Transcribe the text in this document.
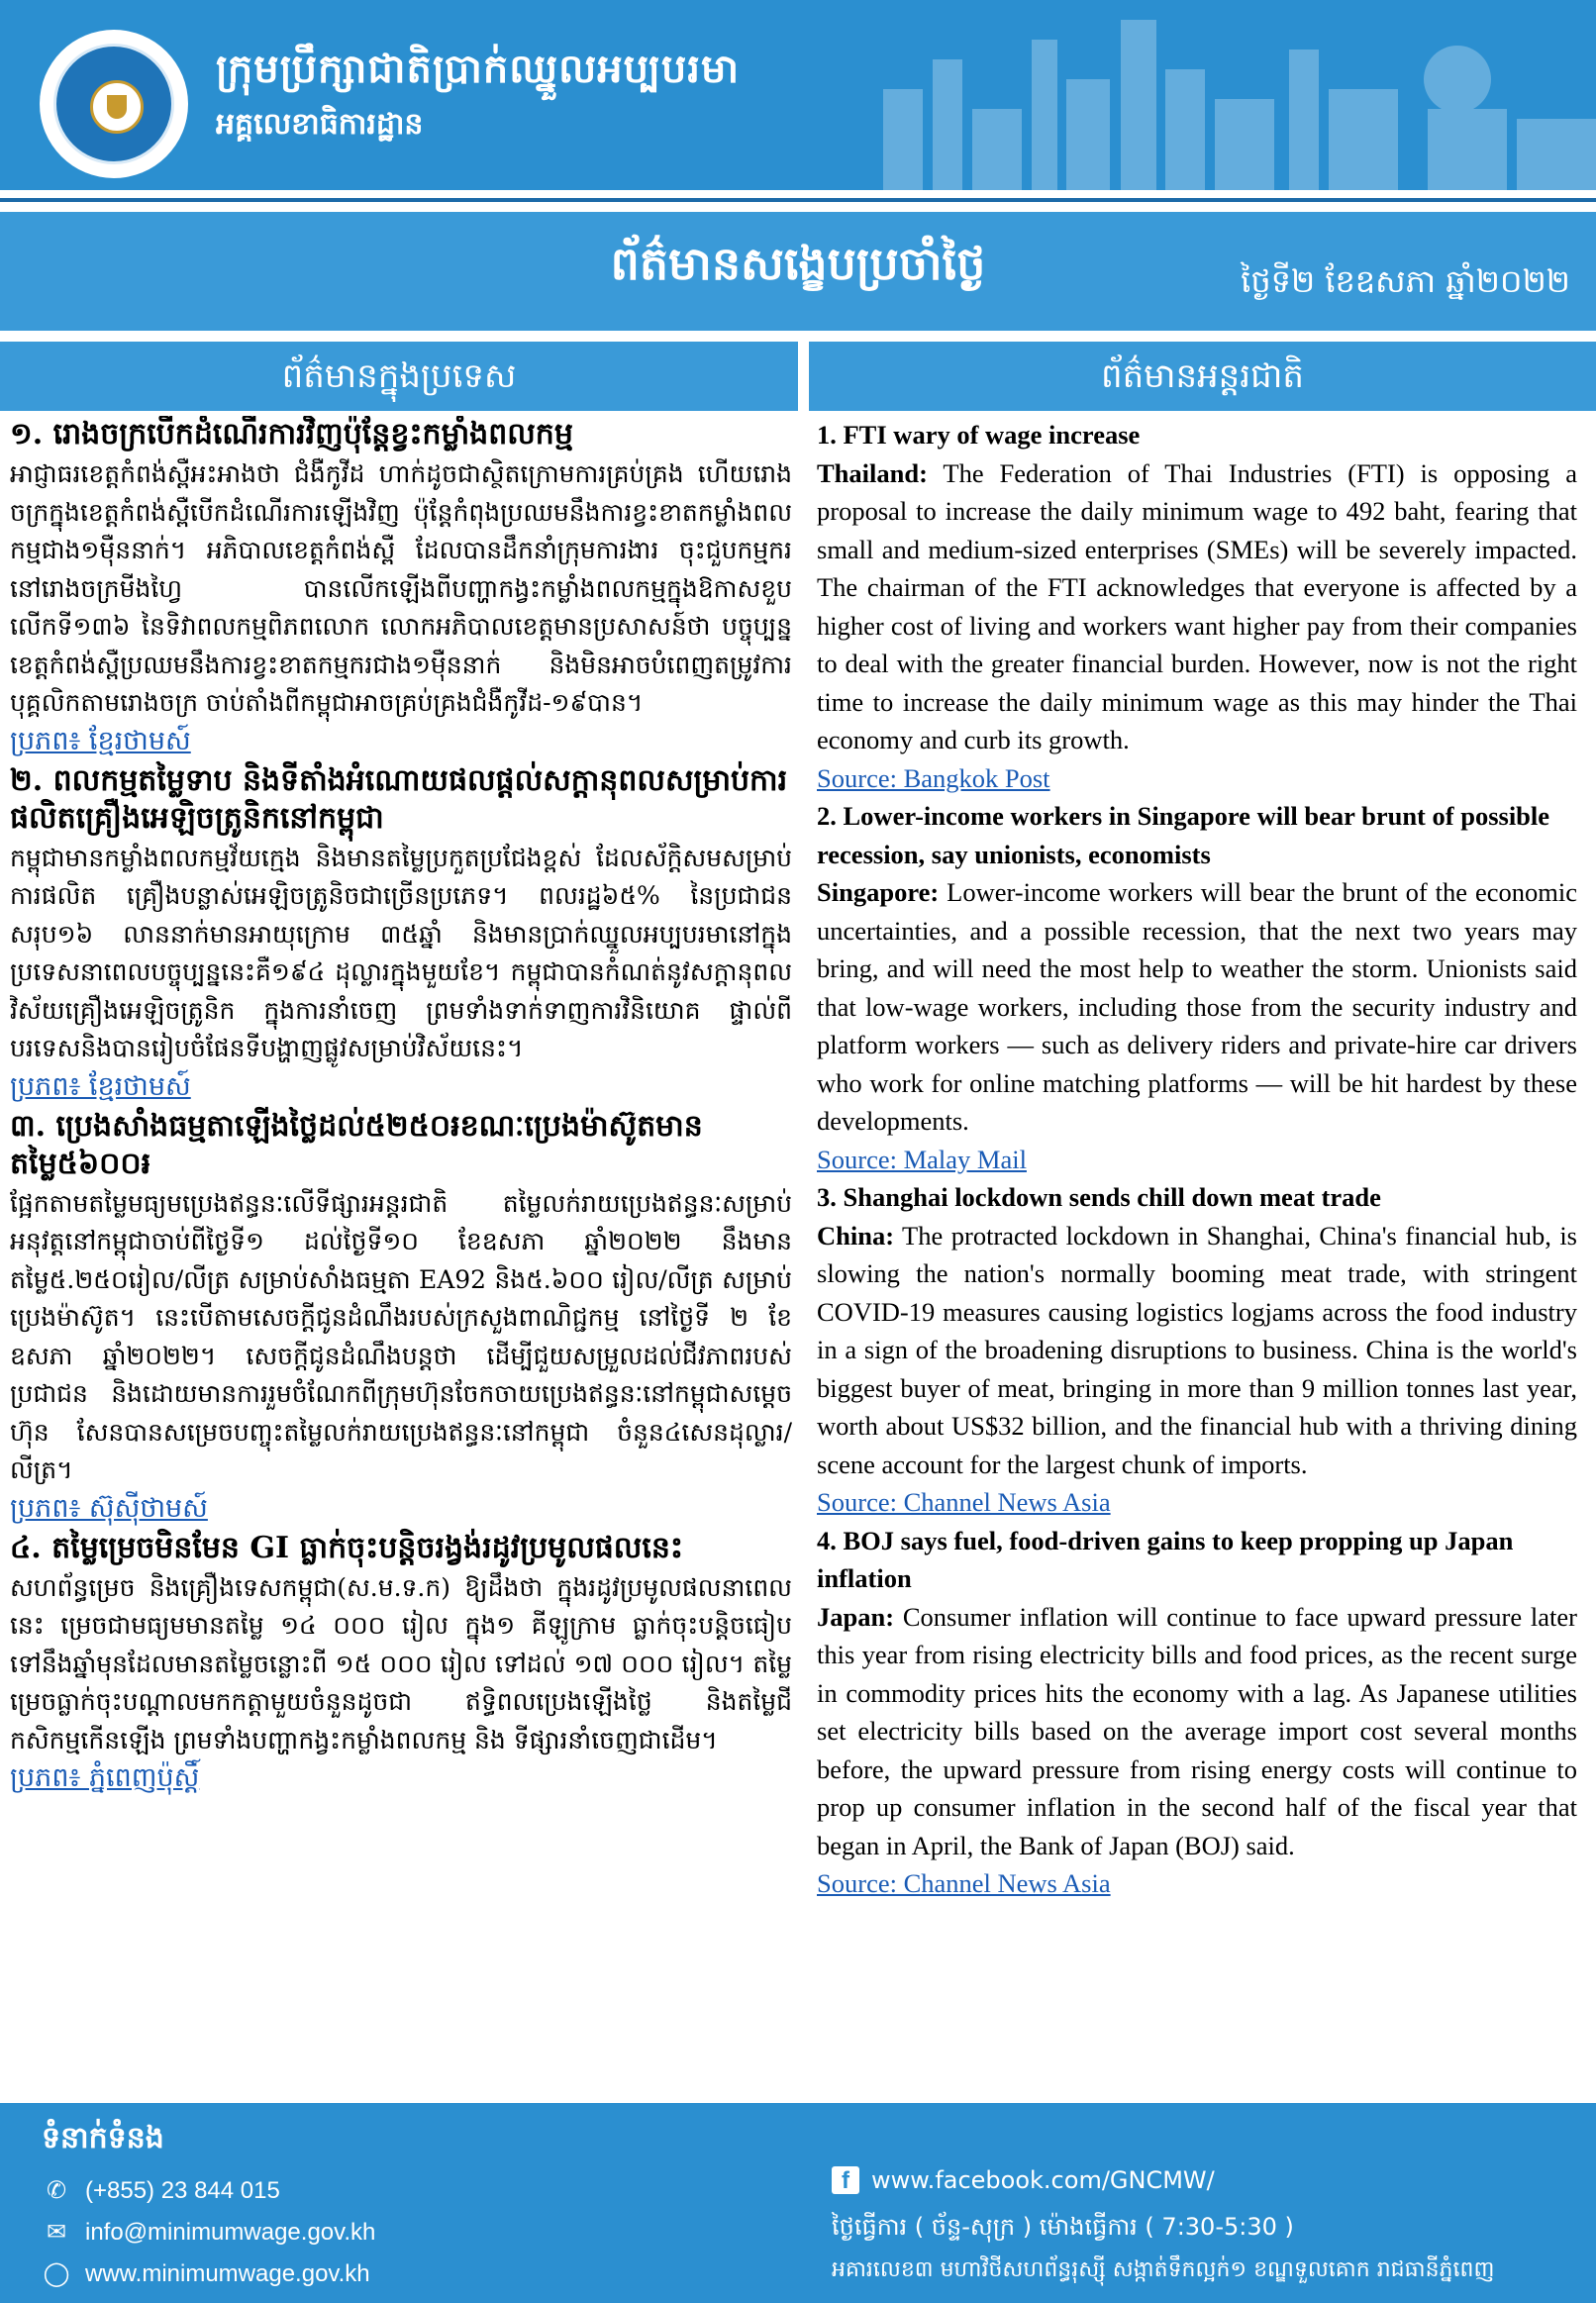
ក្រុមប្រឹក្សាជាតិប្រាក់ឈ្នួលអប្បបរមា
អគ្គលេខាធិការដ្ឋាន
ព័ត៌មានសង្ខេបប្រចាំថ្ងៃ	ថ្ងៃទី២ ខែឧសភា ឆ្នាំ២០២២
ព័ត៌មានក្នុងប្រទេស	ព័ត៌មានអន្តរជាតិ
១. រោងចក្របើកដំណើរការវិញប៉ុន្តែខ្វះកម្លាំងពលកម្ម
អាជ្ញាធរខេត្តកំពង់ស្ពឺអះអាងថា ជំងឺកូវីដ ហាក់ដូចជាស្ថិតក្រោមការគ្រប់គ្រង ហើយរោងចក្រក្នុងខេត្តកំពង់ស្ពឺបើកដំណើរការឡើងវិញ ប៉ុន្តែកំពុងប្រឈមនឹងការខ្វះខាតកម្លាំងពលកម្មជាង១ម៉ឺននាក់។ អភិបាលខេត្តកំពង់ស្ពឺ ដែលបានដឹកនាំក្រុមការងារ ចុះជួបកម្មករនៅរោងចក្រមីងហ្វៃ បានលើកឡើងពីបញ្ហាកង្វះកម្លាំងពលកម្មក្នុងឱកាសខួបលើកទី១៣៦ នៃទិវាពលកម្មពិភពលោក លោកអភិបាលខេត្តមានប្រសាសន៍ថា បច្ចុប្បន្ន ខេត្តកំពង់ស្ពឺប្រឈមនឹងការខ្វះខាតកម្មករជាង១ម៉ឺននាក់ និងមិនអាចបំពេញតម្រូវការបុគ្គលិកតាមរោងចក្រ ចាប់តាំងពីកម្ពុជាអាចគ្រប់គ្រងជំងឺកូវីដ-១៩បាន។
ប្រភព៖ ខ្មែរថាមស៍
២. ពលកម្មតម្លៃទាប និងទីតាំងអំណោយផលផ្តល់សក្តានុពលសម្រាប់ការផលិតគ្រឿងអេឡិចត្រូនិកនៅកម្ពុជា
កម្ពុជាមានកម្លាំងពលកម្មវ័យក្មេង និងមានតម្លៃប្រកួតប្រជែងខ្ពស់ ដែលស័ក្តិសមសម្រាប់ការផលិត គ្រឿងបន្លាស់អេឡិចត្រូនិចជាច្រើនប្រភេទ។ ពលរដ្ឋ៦៥% នៃប្រជាជនសរុប១៦ លាននាក់មានអាយុក្រោម ៣៥ឆ្នាំ និងមានប្រាក់ឈ្នួលអប្បបរមានៅក្នុងប្រទេសនាពេលបច្ចុប្បន្ននេះគឺ១៩៤ ដុល្លារក្នុងមួយខែ។ កម្ពុជាបានកំណត់នូវសក្តានុពលវិស័យគ្រឿងអេឡិចត្រូនិក ក្នុងការនាំចេញ ព្រមទាំងទាក់ទាញការវិនិយោគ ផ្ទាល់ពីបរទេសនិងបានរៀបចំផែនទីបង្ហាញផ្លូវសម្រាប់វិស័យនេះ។
ប្រភព៖ ខ្មែរថាមស៍
៣. ប្រេងសាំងធម្មតាឡើងថ្លៃដល់៥២៥០៛ខណៈប្រេងម៉ាស៊ូតមានតម្លៃ៥៦០០៛
ផ្អែកតាមតម្លៃមធ្យមប្រេងឥន្ធនៈលើទីផ្សារអន្តរជាតិ តម្លៃលក់រាយប្រេងឥន្ធនៈសម្រាប់អនុវត្តនៅកម្ពុជាចាប់ពីថ្ងៃទី១ ដល់ថ្ងៃទី១០ ខែឧសភា ឆ្នាំ២០២២ នឹងមានតម្លៃ៥.២៥០រៀល/លីត្រ សម្រាប់សាំងធម្មតា EA92 និង៥.៦០០ រៀល/លីត្រ សម្រាប់ប្រេងម៉ាស៊ូត។ នេះបើតាមសេចក្តីជូនដំណឹងរបស់ក្រសួងពាណិជ្ជកម្ម នៅថ្ងៃទី ២ ខែឧសភា ឆ្នាំ២០២២។ សេចក្តីជូនដំណឹងបន្តថា ដើម្បីជួយសម្រួលដល់ជីវភាពរបស់ប្រជាជន និងដោយមានការរួមចំណែកពីក្រុមហ៊ុនចែកចាយប្រេងឥន្ធនៈនៅកម្ពុជាសម្តេចហ៊ុន សែនបានសម្រេចបញ្ចុះតម្លៃលក់រាយប្រេងឥន្ធនៈនៅកម្ពុជា ចំនួន៤សេនដុល្លារ/លីត្រ។
ប្រភព៖ ស៊ុស៊ីថាមស៍
៤. តម្លៃម្រេចមិនមែន GI ធ្លាក់ចុះបន្តិចរង្វង់រដូវប្រមូលផលនេះ
សហព័ន្ធម្រេច និងគ្រឿងទេសកម្ពុជា(ស.ម.ទ.ក) ឱ្យដឹងថា ក្នុងរដូវប្រមូលផលនាពេលនេះ ម្រេចជាមធ្យមមានតម្លៃ ១៤ ០០០ រៀល ក្នុង១ គីឡូក្រាម ធ្លាក់ចុះបន្តិចធៀបទៅនឹងឆ្នាំមុនដែលមានតម្លៃចន្លោះពី ១៥ ០០០ រៀល ទៅដល់ ១៧ ០០០ រៀល។ តម្លៃម្រេចធ្លាក់ចុះបណ្តាលមកកត្តាមួយចំនួនដូចជា ឥទ្ធិពលប្រេងឡើងថ្លៃ និងតម្លៃជីកសិកម្មកើនឡើង ព្រមទាំងបញ្ហាកង្វះកម្លាំងពលកម្ម និង ទីផ្សារនាំចេញជាដើម។
ប្រភព៖ ភ្នំពេញប៉ុស្តិ៍
1. FTI wary of wage increase
Thailand: The Federation of Thai Industries (FTI) is opposing a proposal to increase the daily minimum wage to 492 baht, fearing that small and medium-sized enterprises (SMEs) will be severely impacted. The chairman of the FTI acknowledges that everyone is affected by a higher cost of living and workers want higher pay from their companies to deal with the greater financial burden. However, now is not the right time to increase the daily minimum wage as this may hinder the Thai economy and curb its growth.
Source: Bangkok Post
2. Lower-income workers in Singapore will bear brunt of possible recession, say unionists, economists
Singapore: Lower-income workers will bear the brunt of the economic uncertainties, and a possible recession, that the next two years may bring, and will need the most help to weather the storm. Unionists said that low-wage workers, including those from the security industry and platform workers — such as delivery riders and private-hire car drivers who work for online matching platforms — will be hit hardest by these developments.
Source: Malay Mail
3. Shanghai lockdown sends chill down meat trade
China: The protracted lockdown in Shanghai, China's financial hub, is slowing the nation's normally booming meat trade, with stringent COVID-19 measures causing logistics logjams across the food industry in a sign of the broadening disruptions to business. China is the world's biggest buyer of meat, bringing in more than 9 million tonnes last year, worth about US$32 billion, and the financial hub with a thriving dining scene account for the largest chunk of imports.
Source: Channel News Asia
4. BOJ says fuel, food-driven gains to keep propping up Japan inflation
Japan: Consumer inflation will continue to face upward pressure later this year from rising electricity bills and food prices, as the recent surge in commodity prices hits the economy with a lag. As Japanese utilities set electricity bills based on the average import cost several months before, the upward pressure from rising energy costs will continue to prop up consumer inflation in the second half of the fiscal year that began in April, the Bank of Japan (BOJ) said.
Source: Channel News Asia
ទំនាក់ទំនង
✆ (+855) 23 844 015
✉ info@minimumwage.gov.kh
◯ www.minimumwage.gov.kh
f www.facebook.com/GNCMW/
ថ្ងៃធ្វើការ ( ច័ន្ទ-សុក្រ ) ម៉ោងធ្វើការ ( 7:30-5:30 )
អគារលេខ៣ មហាវិថីសហព័ន្ធរុស្ស៊ី សង្កាត់ទឹកល្អក់១ ខណ្ឌទួលគោក រាជធានីភ្នំពេញ
